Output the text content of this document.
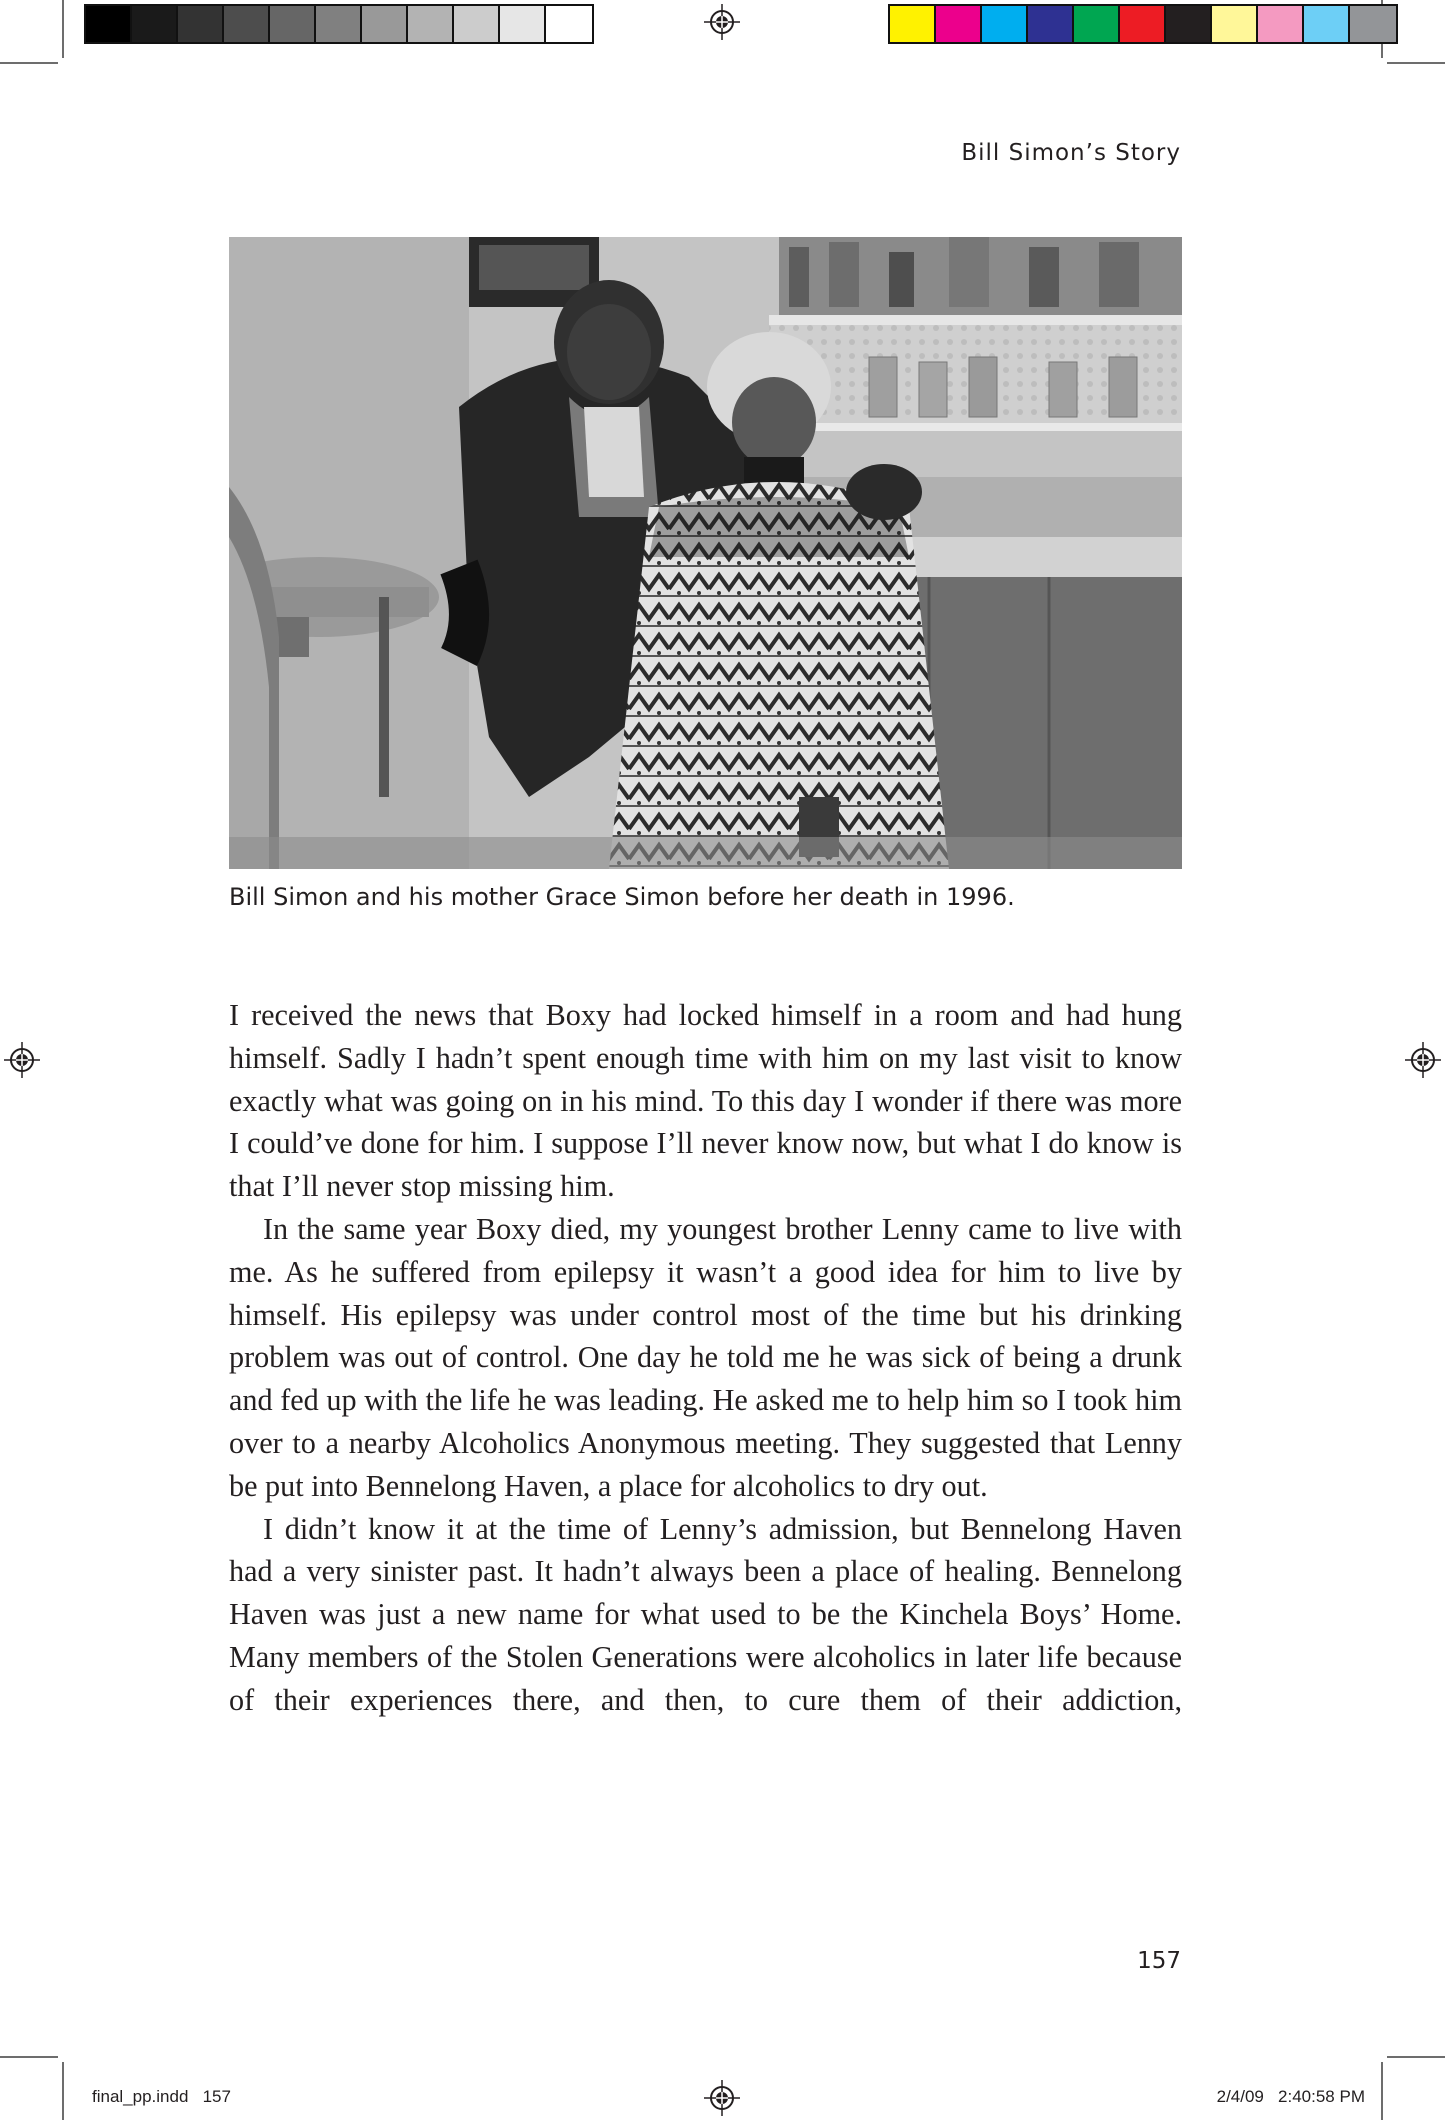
Bill Simon’s Story
Bill Simon and his mother Grace Simon before her death in 1996.

I received the news that Boxy had locked himself in a room and had hung himself. Sadly I hadn’t spent enough time with him on my last visit to know exactly what was going on in his mind. To this day I wonder if there was more I could’ve done for him. I suppose I’ll never know now, but what I do know is that I’ll never stop missing him.

In the same year Boxy died, my youngest brother Lenny came to live with me. As he suffered from epilepsy it wasn’t a good idea for him to live by himself. His epilepsy was under control most of the time but his drinking problem was out of control. One day he told me he was sick of being a drunk and fed up with the life he was leading. He asked me to help him so I took him over to a nearby Alcoholics Anonymous meeting. They suggested that Lenny be put into Bennelong Haven, a place for alcoholics to dry out.

I didn’t know it at the time of Lenny’s admission, but Bennelong Haven had a very sinister past. It hadn’t always been a place of healing. Bennelong Haven was just a new name for what used to be the Kinchela Boys’ Home. Many members of the Stolen Generations were alcoholics in later life because of their experiences there, and then, to cure them of their addiction,

157
final_pp.indd   157	2/4/09   2:40:58 PM
